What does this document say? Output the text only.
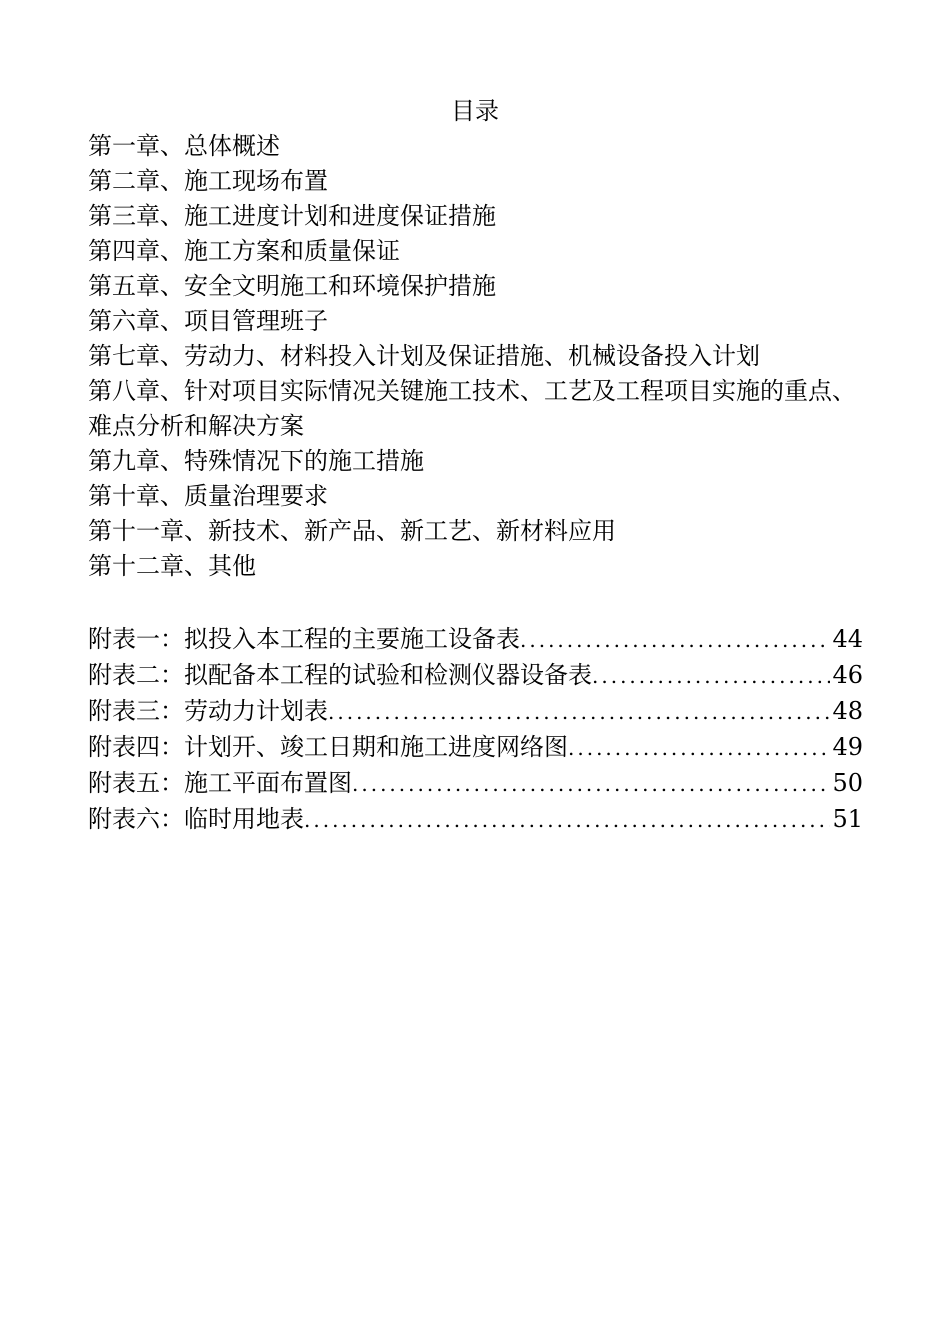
目录
第一章、总体概述
第二章、施工现场布置
第三章、施工进度计划和进度保证措施
第四章、施工方案和质量保证
第五章、安全文明施工和环境保护措施
第六章、项目管理班子
第七章、劳动力、材料投入计划及保证措施、机械设备投入计划
第八章、针对项目实际情况关键施工技术、工艺及工程项目实施的重点、难点分析和解决方案
第九章、特殊情况下的施工措施
第十章、质量治理要求
第十一章、新技术、新产品、新工艺、新材料应用
第十二章、其他
附表一：拟投入本工程的主要施工设备表 .....	44
附表二：拟配备本工程的试验和检测仪器设备表 .....	46
附表三：劳动力计划表 .....	48
附表四：计划开、竣工日期和施工进度网络图 .....	49
附表五：施工平面布置图 .....	50
附表六：临时用地表 .....	51
